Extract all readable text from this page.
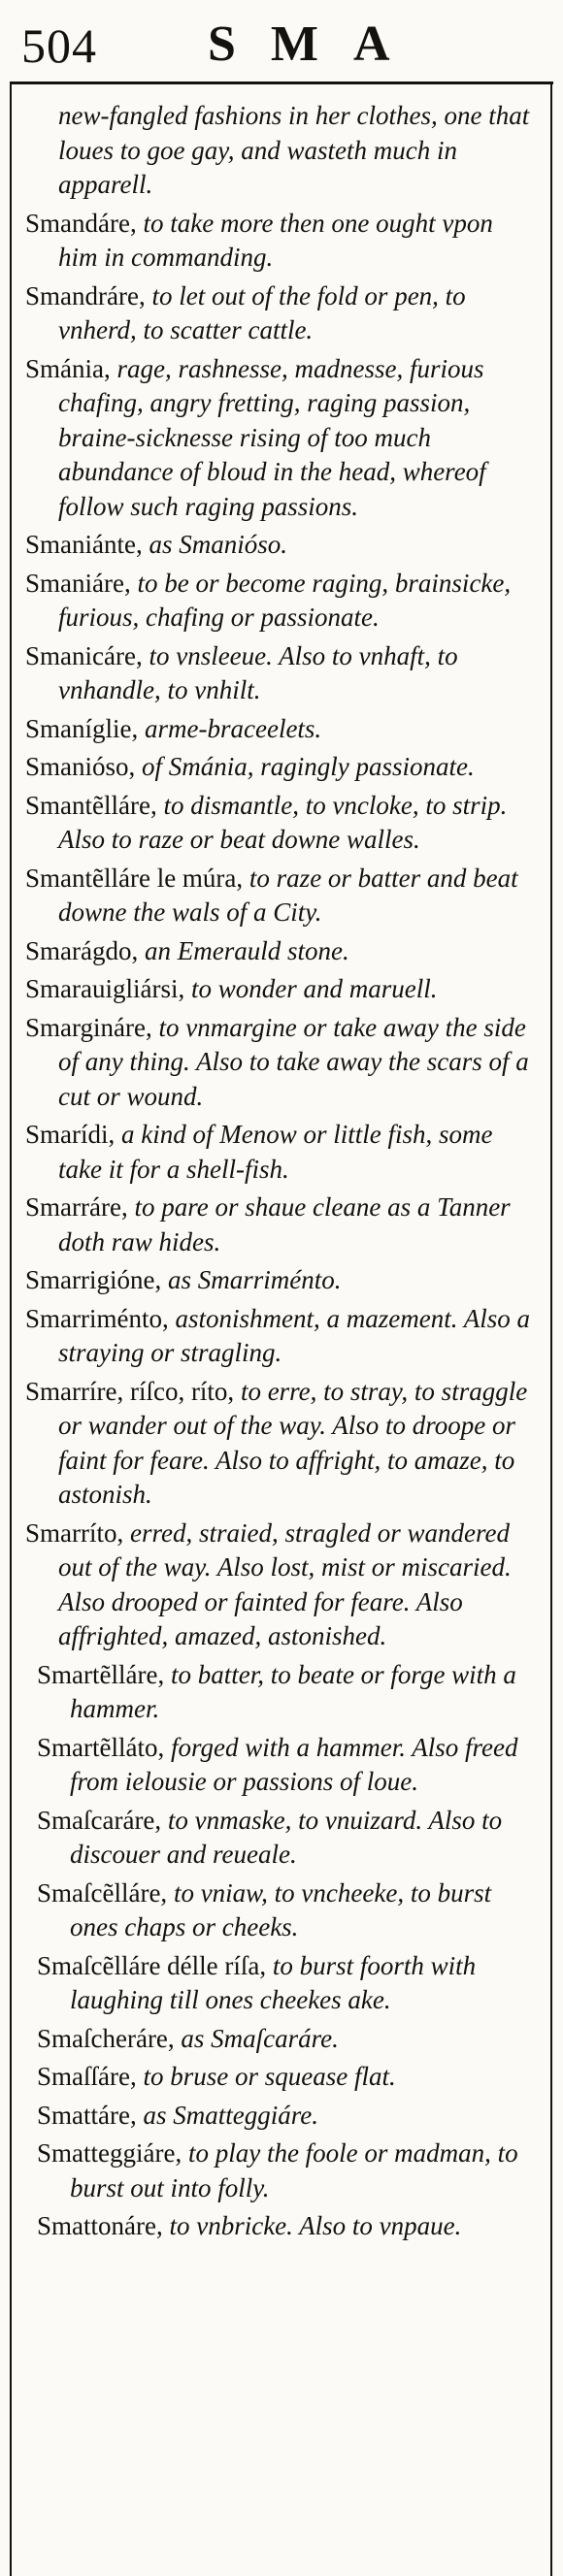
504 SMA

new-fangled fashions in her clothes, one that loues to goe gay, and wasteth much in apparell.

Smandáre, to take more then one ought vpon him in commanding.

Smandráre, to let out of the fold or pen, to vnherd, to scatter cattle.

Smánia, rage, rashnesse, madnesse, furious chafing, angry fretting, raging passion, braine-sicknesse rising of too much abundance of bloud in the head, whereof follow such raging passions.

Smaniánte, as Smanióso.

Smaniáre, to be or become raging, brainsicke, furious, chafing or passionate.

Smanicáre, to vnsleeue. Also to vnhaft, to vnhandle, to vnhilt.

Smaníglie, arme-braceelets.

Smanióso, of Smánia, ragingly passionate.

Smantẽlláre, to dismantle, to vncloke, to strip. Also to raze or beat downe walles.

Smantẽlláre le múra, to raze or batter and beat downe the wals of a City.

Smarágdo, an Emerauld stone.

Smarauigliársi, to wonder and maruell.

Smargináre, to vnmargine or take away the side of any thing. Also to take away the scars of a cut or wound.

Smarídi, a kind of Menow or little fish, some take it for a shell-fish.

Smarráre, to pare or shaue cleane as a Tanner doth raw hides.

Smarrigióne, as Smarriménto.

Smarriménto, astonishment, a mazement. Also a straying or stragling.

Smarríre, ríſco, ríto, to erre, to stray, to straggle or wander out of the way. Also to droope or faint for feare. Also to affright, to amaze, to astonish.

Smarríto, erred, straied, stragled or wandered out of the way. Also lost, mist or miscaried. Also drooped or fainted for feare. Also affrighted, amazed, astonished.

Smartẽlláre, to batter, to beate or forge with a hammer.

Smartẽlláto, forged with a hammer. Also freed from ielousie or passions of loue.

Smaſcaráre, to vnmaske, to vnuizard. Also to discouer and reueale.

Smaſcẽlláre, to vniaw, to vncheeke, to burst ones chaps or cheeks.

Smaſcẽlláre délle ríſa, to burst foorth with laughing till ones cheekes ake.

Smaſcheráre, as Smaſcaráre.

Smaſſáre, to bruse or squease flat.

Smattáre, as Smatteggiáre.

Smatteggiáre, to play the foole or madman, to burst out into folly.

Smattonáre, to vnbricke. Also to vnpaue.
